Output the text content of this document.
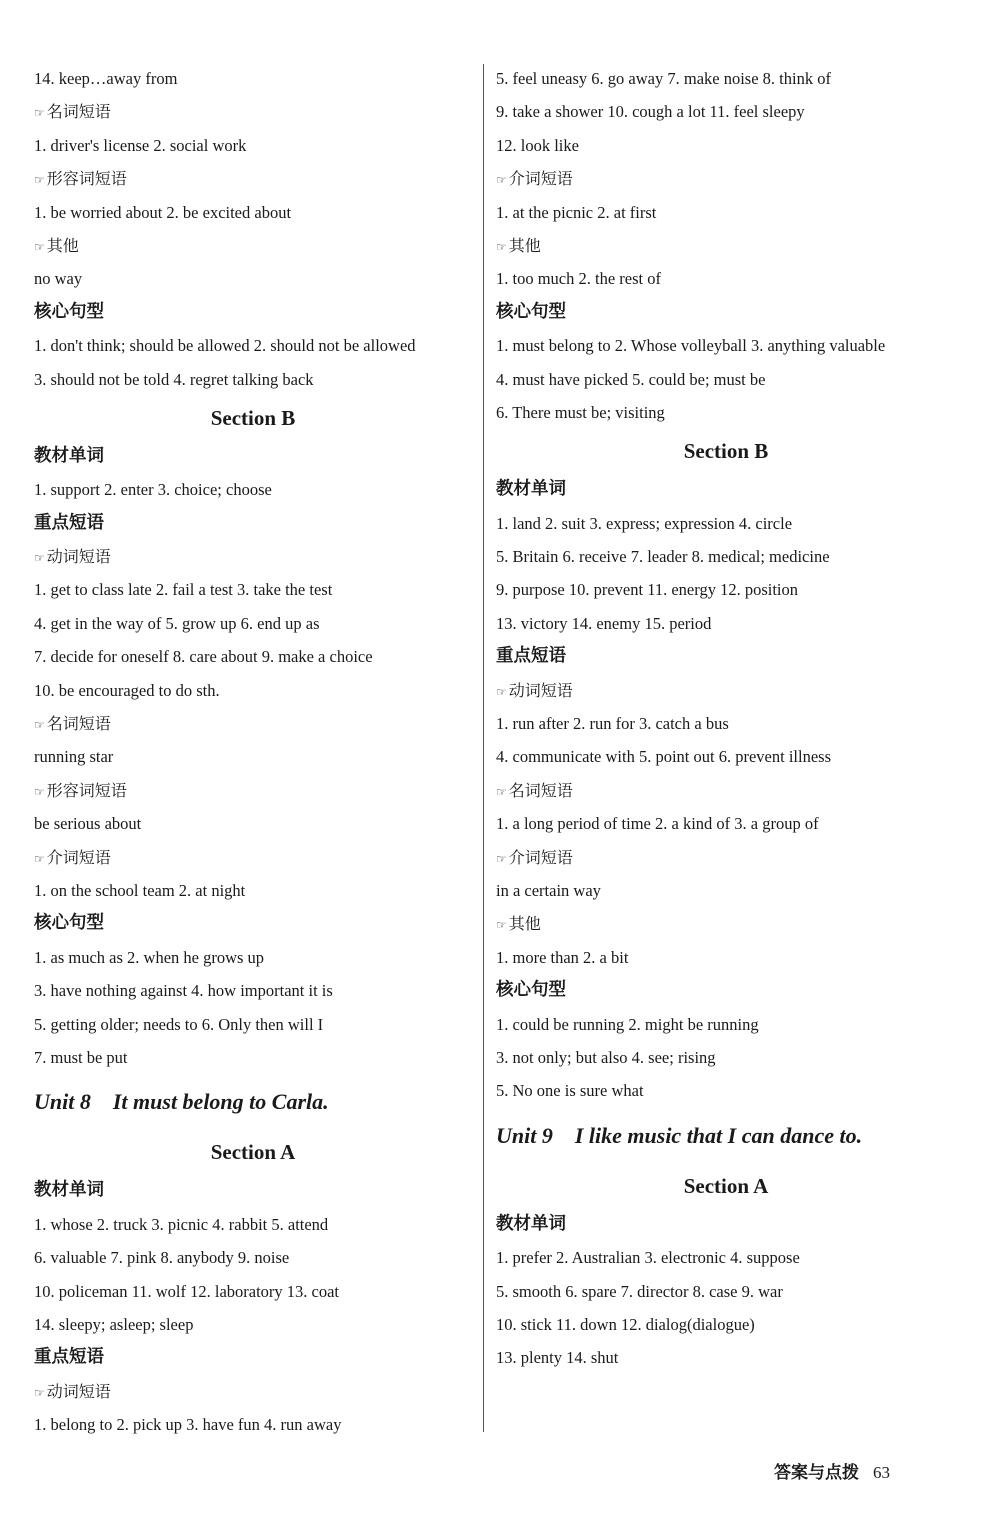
14. keep…away from
☞ 名词短语
1. driver's license 2. social work
☞ 形容词短语
1. be worried about 2. be excited about
☞ 其他
no way
核心句型
1. don't think; should be allowed 2. should not be allowed
3. should not be told 4. regret talking back
Section B
教材单词
1. support 2. enter 3. choice; choose
重点短语
☞ 动词短语
1. get to class late 2. fail a test 3. take the test
4. get in the way of 5. grow up 6. end up as
7. decide for oneself 8. care about 9. make a choice
10. be encouraged to do sth.
☞ 名词短语
running star
☞ 形容词短语
be serious about
☞ 介词短语
1. on the school team 2. at night
核心句型
1. as much as 2. when he grows up
3. have nothing against 4. how important it is
5. getting older; needs to 6. Only then will I
7. must be put
Unit 8 It must belong to Carla.
Section A
教材单词
1. whose 2. truck 3. picnic 4. rabbit 5. attend
6. valuable 7. pink 8. anybody 9. noise
10. policeman 11. wolf 12. laboratory 13. coat
14. sleepy; asleep; sleep
重点短语
☞ 动词短语
1. belong to 2. pick up 3. have fun 4. run away
5. feel uneasy 6. go away 7. make noise 8. think of
9. take a shower 10. cough a lot 11. feel sleepy
12. look like
☞ 介词短语
1. at the picnic 2. at first
☞ 其他
1. too much 2. the rest of
核心句型
1. must belong to 2. Whose volleyball 3. anything valuable
4. must have picked 5. could be; must be
6. There must be; visiting
Section B
教材单词
1. land 2. suit 3. express; expression 4. circle
5. Britain 6. receive 7. leader 8. medical; medicine
9. purpose 10. prevent 11. energy 12. position
13. victory 14. enemy 15. period
重点短语
☞ 动词短语
1. run after 2. run for 3. catch a bus
4. communicate with 5. point out 6. prevent illness
☞ 名词短语
1. a long period of time 2. a kind of 3. a group of
☞ 介词短语
in a certain way
☞ 其他
1. more than 2. a bit
核心句型
1. could be running 2. might be running
3. not only; but also 4. see; rising
5. No one is sure what
Unit 9 I like music that I can dance to.
Section A
教材单词
1. prefer 2. Australian 3. electronic 4. suppose
5. smooth 6. spare 7. director 8. case 9. war
10. stick 11. down 12. dialog(dialogue)
13. plenty 14. shut
答案与点拨 63
